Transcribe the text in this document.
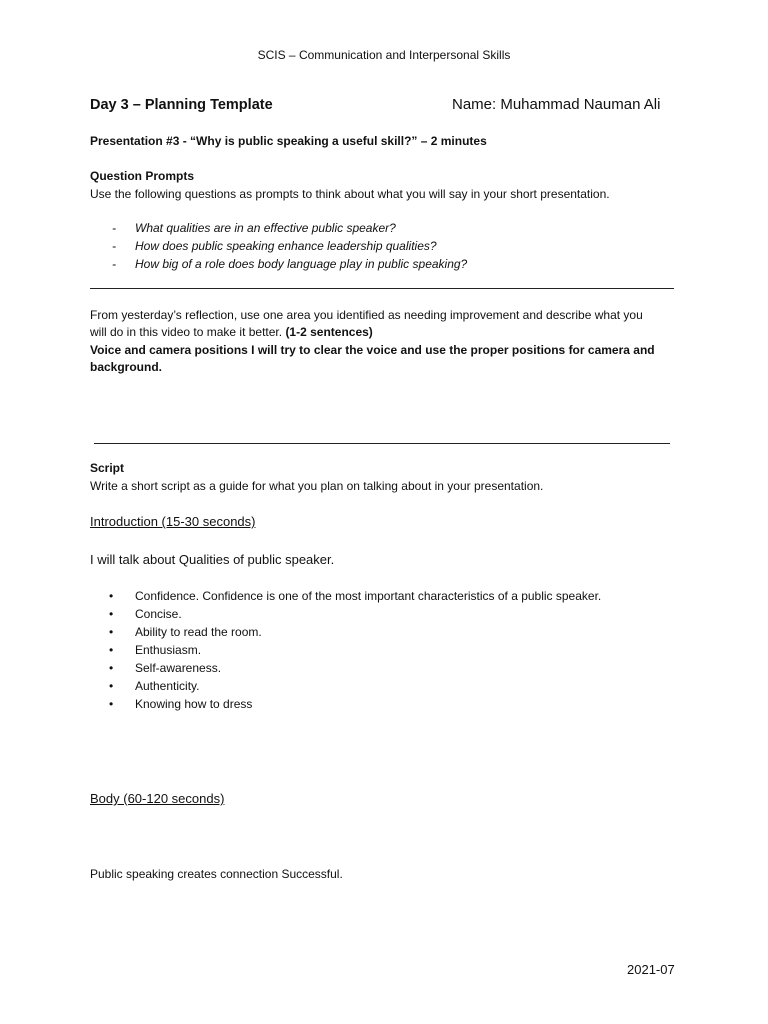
SCIS – Communication and Interpersonal Skills

Day 3 – Planning Template	Name: Muhammad Nauman Ali

Presentation #3 - “Why is public speaking a useful skill?” – 2 minutes

Question Prompts

Use the following questions as prompts to think about what you will say in your short presentation.

- What qualities are in an effective public speaker?
- How does public speaking enhance leadership qualities?
- How big of a role does body language play in public speaking?

From yesterday’s reflection, use one area you identified as needing improvement and describe what you

will do in this video to make it better. (1-2 sentences)

Voice and camera positions I will try to clear the voice and use the proper positions for camera and

background.

Script

Write a short script as a guide for what you plan on talking about in your presentation.

Introduction (15-30 seconds)

I will talk about Qualities of public speaker.

• Confidence. Confidence is one of the most important characteristics of a public speaker.
• Concise.
• Ability to read the room.
• Enthusiasm.
• Self-awareness.
• Authenticity.
• Knowing how to dress

Body (60-120 seconds)

Public speaking creates connection Successful.

2021-07
